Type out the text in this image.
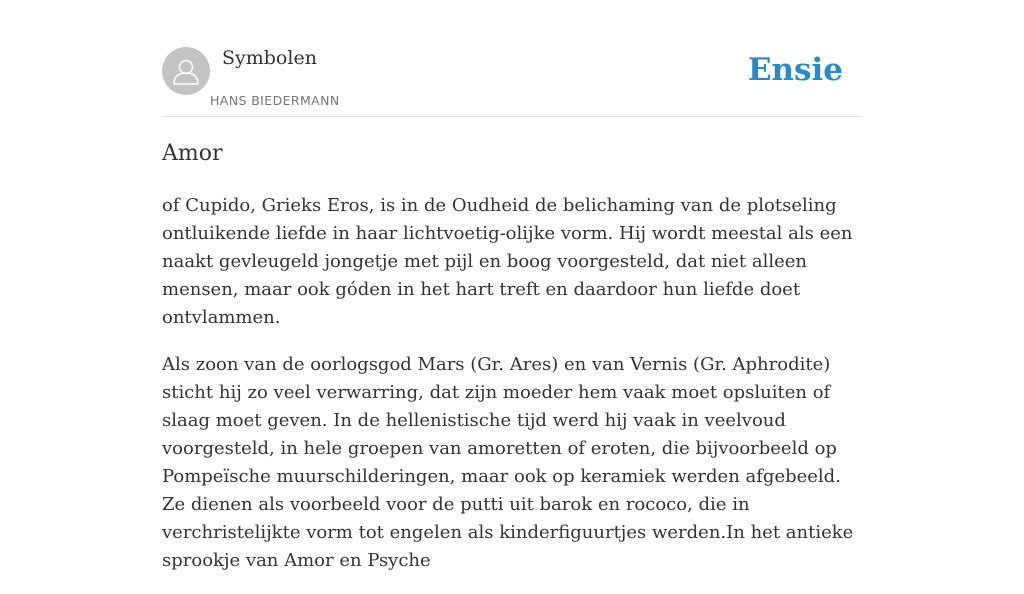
Symbolen
HANS BIEDERMANN
Ensie
Amor

of Cupido, Grieks Eros, is in de Oudheid de belichaming van de plotseling ontluikende liefde in haar lichtvoetig-olijke vorm. Hij wordt meestal als een naakt gevleugeld jongetje met pijl en boog voorgesteld, dat niet alleen mensen, maar ook góden in het hart treft en daardoor hun liefde doet ontvlammen.

Als zoon van de oorlogsgod Mars (Gr. Ares) en van Vernis (Gr. Aphrodite) sticht hij zo veel verwarring, dat zijn moeder hem vaak moet opsluiten of slaag moet geven. In de hellenistische tijd werd hij vaak in veelvoud voorgesteld, in hele groepen van amoretten of eroten, die bijvoorbeeld op Pompeïsche muurschilderingen, maar ook op keramiek werden afgebeeld. Ze dienen als voorbeeld voor de putti uit barok en rococo, die in verchristelijkte vorm tot engelen als kinderfiguurtjes werden.In het antieke sprookje van Amor en Psyche
